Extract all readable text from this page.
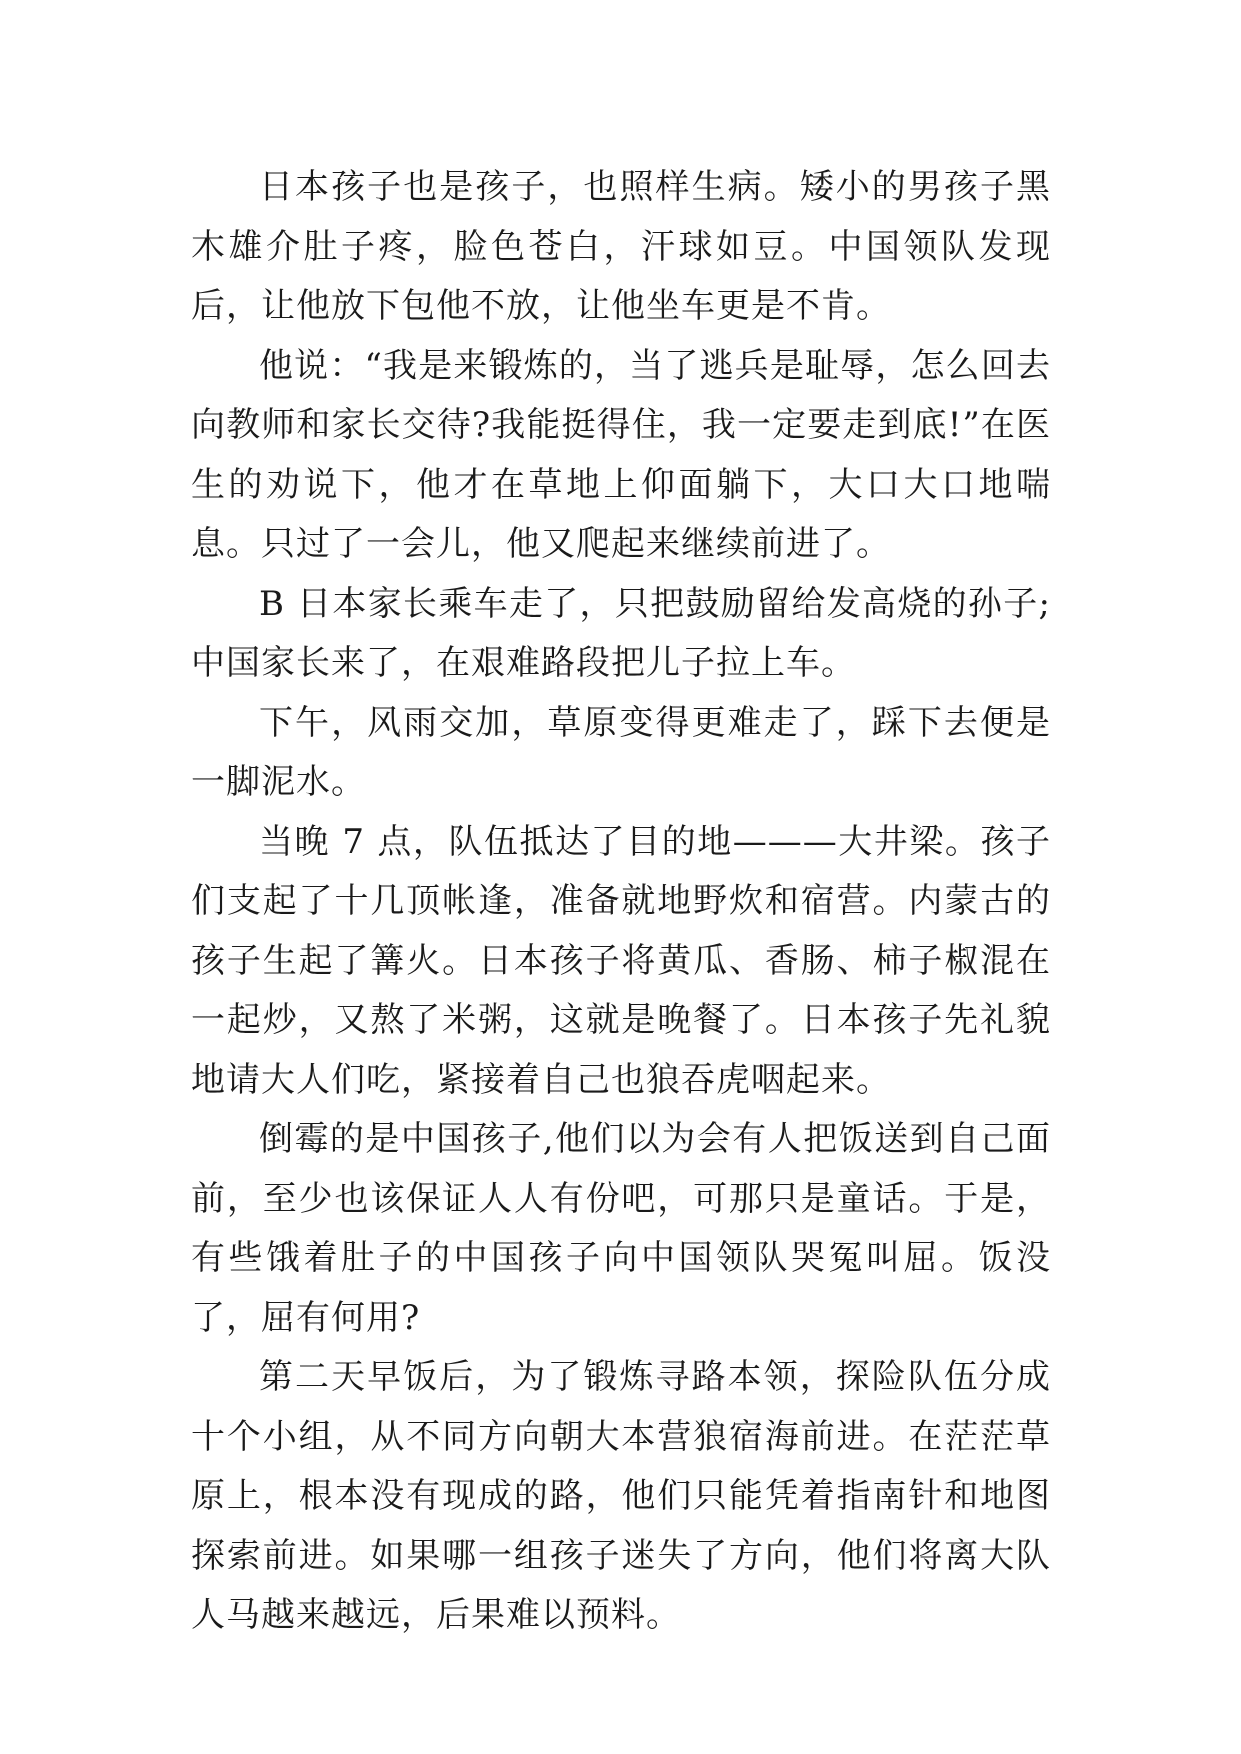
日本孩子也是孩子，也照样生病。矮小的男孩子黑木雄介肚子疼，脸色苍白，汗球如豆。中国领队发现后，让他放下包他不放，让他坐车更是不肯。

他说：“我是来锻炼的，当了逃兵是耻辱，怎么回去向教师和家长交待?我能挺得住，我一定要走到底!”在医生的劝说下，他才在草地上仰面躺下，大口大口地喘息。只过了一会儿，他又爬起来继续前进了。

B 日本家长乘车走了，只把鼓励留给发高烧的孙子;中国家长来了，在艰难路段把儿子拉上车。

下午，风雨交加，草原变得更难走了，踩下去便是一脚泥水。

当晚 7 点，队伍抵达了目的地———大井梁。孩子们支起了十几顶帐逢，准备就地野炊和宿营。内蒙古的孩子生起了篝火。日本孩子将黄瓜、香肠、柿子椒混在一起炒，又熬了米粥，这就是晚餐了。日本孩子先礼貌地请大人们吃，紧接着自己也狼吞虎咽起来。

倒霉的是中国孩子,他们以为会有人把饭送到自己面前，至少也该保证人人有份吧，可那只是童话。于是，有些饿着肚子的中国孩子向中国领队哭冤叫屈。饭没了，屈有何用?

第二天早饭后，为了锻炼寻路本领，探险队伍分成十个小组，从不同方向朝大本营狼宿海前进。在茫茫草原上，根本没有现成的路，他们只能凭着指南针和地图探索前进。如果哪一组孩子迷失了方向，他们将离大队人马越来越远，后果难以预料。
